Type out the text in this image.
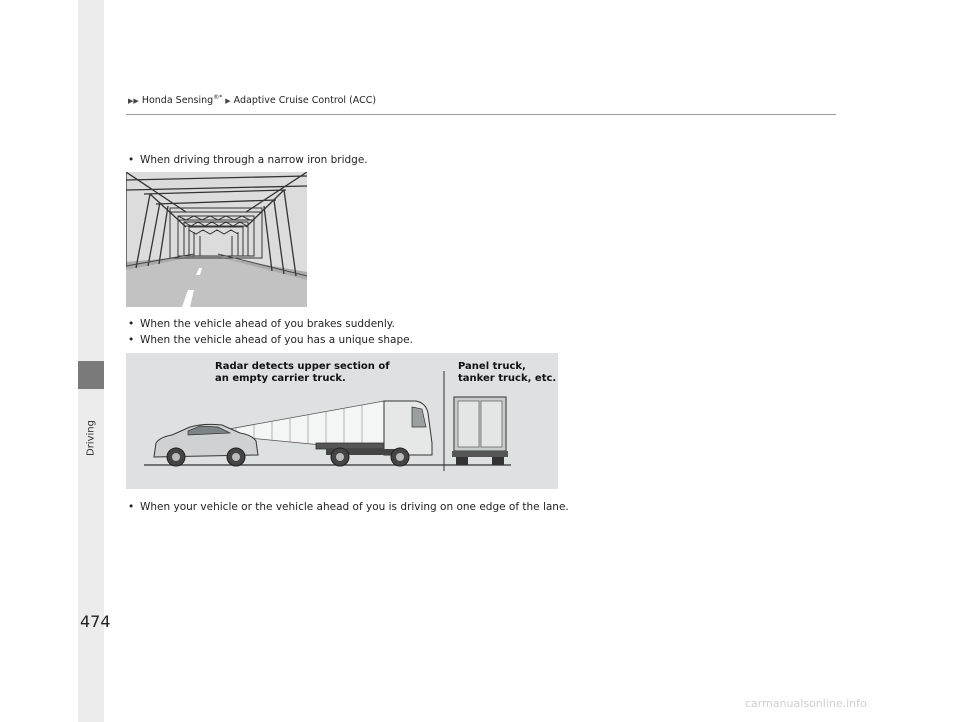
Driving
▶▶ Honda Sensing®* ▶ Adaptive Cruise Control (ACC)
• When driving through a narrow iron bridge.
• When the vehicle ahead of you brakes suddenly.
• When the vehicle ahead of you has a unique shape.
Radar detects upper section of
an empty carrier truck.
Panel truck,
tanker truck, etc.
• When your vehicle or the vehicle ahead of you is driving on one edge of the lane.
474
carmanualsonline.info
